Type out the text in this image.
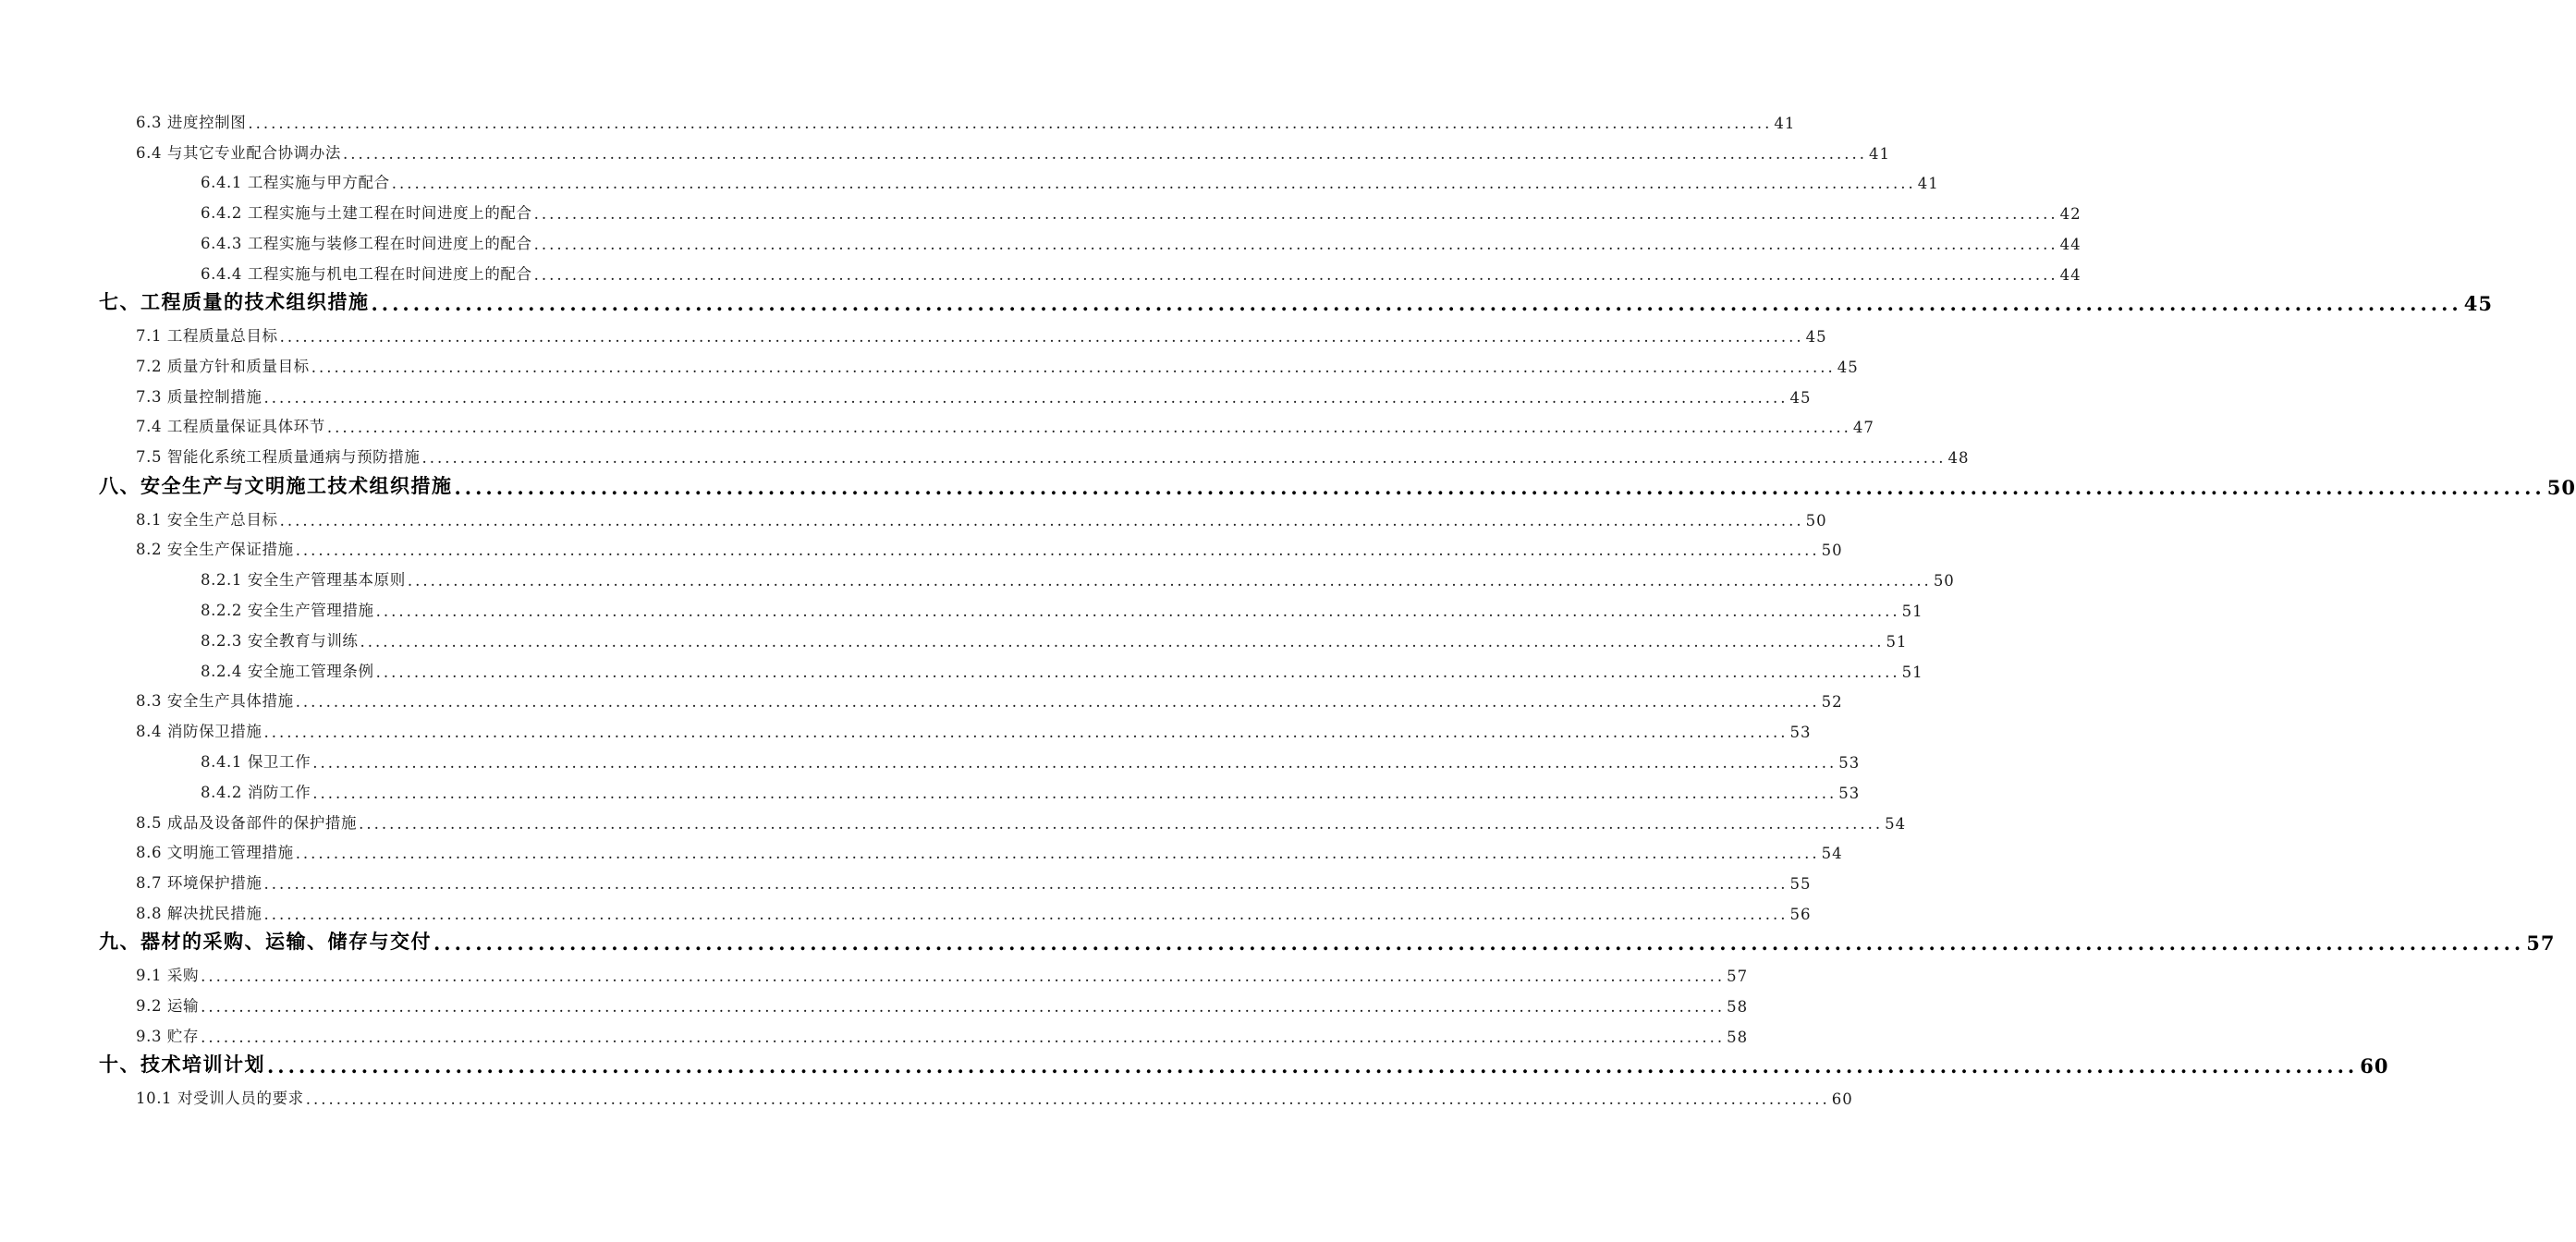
6.3 进度控制图 ........................................................................................................................................................................................................ 41
6.4 与其它专业配合协调办法 ........................................................................................................................................................................................................ 41
6.4.1 工程实施与甲方配合 ........................................................................................................................................................................................................ 41
6.4.2 工程实施与土建工程在时间进度上的配合 ........................................................................................................................................................................................................ 42
6.4.3 工程实施与装修工程在时间进度上的配合 ........................................................................................................................................................................................................ 44
6.4.4 工程实施与机电工程在时间进度上的配合 ........................................................................................................................................................................................................ 44
七、工程质量的技术组织措施 ........................................................................................................................................................................................................ 45
7.1 工程质量总目标 ........................................................................................................................................................................................................ 45
7.2 质量方针和质量目标 ........................................................................................................................................................................................................ 45
7.3 质量控制措施 ........................................................................................................................................................................................................ 45
7.4 工程质量保证具体环节 ........................................................................................................................................................................................................ 47
7.5 智能化系统工程质量通病与预防措施 ........................................................................................................................................................................................................ 48
八、安全生产与文明施工技术组织措施 ........................................................................................................................................................................................................ 50
8.1 安全生产总目标 ........................................................................................................................................................................................................ 50
8.2 安全生产保证措施 ........................................................................................................................................................................................................ 50
8.2.1 安全生产管理基本原则 ........................................................................................................................................................................................................ 50
8.2.2 安全生产管理措施 ........................................................................................................................................................................................................ 51
8.2.3 安全教育与训练 ........................................................................................................................................................................................................ 51
8.2.4 安全施工管理条例 ........................................................................................................................................................................................................ 51
8.3 安全生产具体措施 ........................................................................................................................................................................................................ 52
8.4 消防保卫措施 ........................................................................................................................................................................................................ 53
8.4.1 保卫工作 ........................................................................................................................................................................................................ 53
8.4.2 消防工作 ........................................................................................................................................................................................................ 53
8.5 成品及设备部件的保护措施 ........................................................................................................................................................................................................ 54
8.6 文明施工管理措施 ........................................................................................................................................................................................................ 54
8.7 环境保护措施 ........................................................................................................................................................................................................ 55
8.8 解决扰民措施 ........................................................................................................................................................................................................ 56
九、器材的采购、运输、储存与交付 ........................................................................................................................................................................................................ 57
9.1 采购 ........................................................................................................................................................................................................ 57
9.2 运输 ........................................................................................................................................................................................................ 58
9.3 贮存 ........................................................................................................................................................................................................ 58
十、技术培训计划 ........................................................................................................................................................................................................ 60
10.1 对受训人员的要求 ........................................................................................................................................................................................................ 60
